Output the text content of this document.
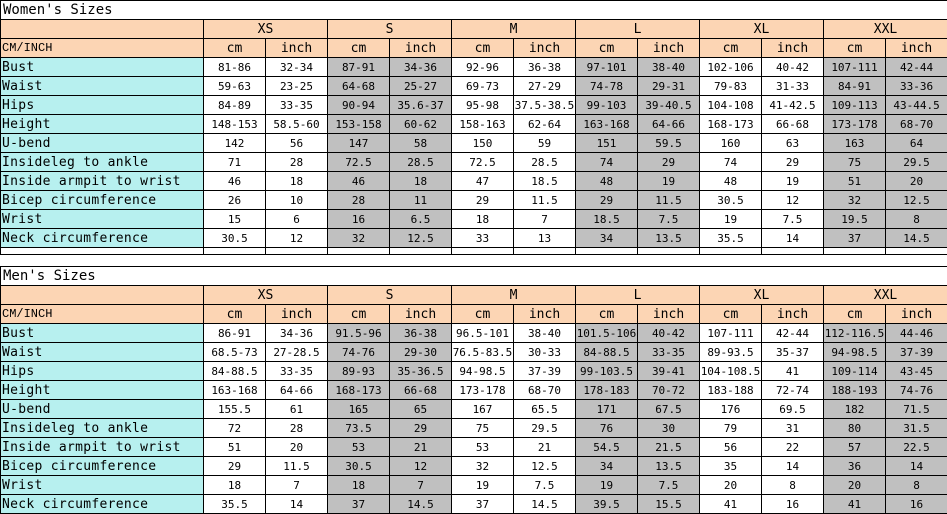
Women's Sizes												
	XS		S		M		L		XL		XXL	
CM/INCH	cm	inch	cm	inch	cm	inch	cm	inch	cm	inch	cm	inch
Bust	81-86	32-34	87-91	34-36	92-96	36-38	97-101	38-40	102-106	40-42	107-111	42-44
Waist	59-63	23-25	64-68	25-27	69-73	27-29	74-78	29-31	79-83	31-33	84-91	33-36
Hips	84-89	33-35	90-94	35.6-37	95-98	37.5-38.5	99-103	39-40.5	104-108	41-42.5	109-113	43-44.5
Height	148-153	58.5-60	153-158	60-62	158-163	62-64	163-168	64-66	168-173	66-68	173-178	68-70
U-bend	142	56	147	58	150	59	151	59.5	160	63	163	64
Insideleg to ankle	71	28	72.5	28.5	72.5	28.5	74	29	74	29	75	29.5
Inside armpit to wrist	46	18	46	18	47	18.5	48	19	48	19	51	20
Bicep circumference	26	10	28	11	29	11.5	29	11.5	30.5	12	32	12.5
Wrist	15	6	16	6.5	18	7	18.5	7.5	19	7.5	19.5	8
Neck circumference	30.5	12	32	12.5	33	13	34	13.5	35.5	14	37	14.5

Men's Sizes												
	XS		S		M		L		XL		XXL	
CM/INCH	cm	inch	cm	inch	cm	inch	cm	inch	cm	inch	cm	inch
Bust	86-91	34-36	91.5-96	36-38	96.5-101	38-40	101.5-106	40-42	107-111	42-44	112-116.5	44-46
Waist	68.5-73	27-28.5	74-76	29-30	76.5-83.5	30-33	84-88.5	33-35	89-93.5	35-37	94-98.5	37-39
Hips	84-88.5	33-35	89-93	35-36.5	94-98.5	37-39	99-103.5	39-41	104-108.5	41	109-114	43-45
Height	163-168	64-66	168-173	66-68	173-178	68-70	178-183	70-72	183-188	72-74	188-193	74-76
U-bend	155.5	61	165	65	167	65.5	171	67.5	176	69.5	182	71.5
Insideleg to ankle	72	28	73.5	29	75	29.5	76	30	79	31	80	31.5
Inside armpit to wrist	51	20	53	21	53	21	54.5	21.5	56	22	57	22.5
Bicep circumference	29	11.5	30.5	12	32	12.5	34	13.5	35	14	36	14
Wrist	18	7	18	7	19	7.5	19	7.5	20	8	20	8
Neck circumference	35.5	14	37	14.5	37	14.5	39.5	15.5	41	16	41	16
